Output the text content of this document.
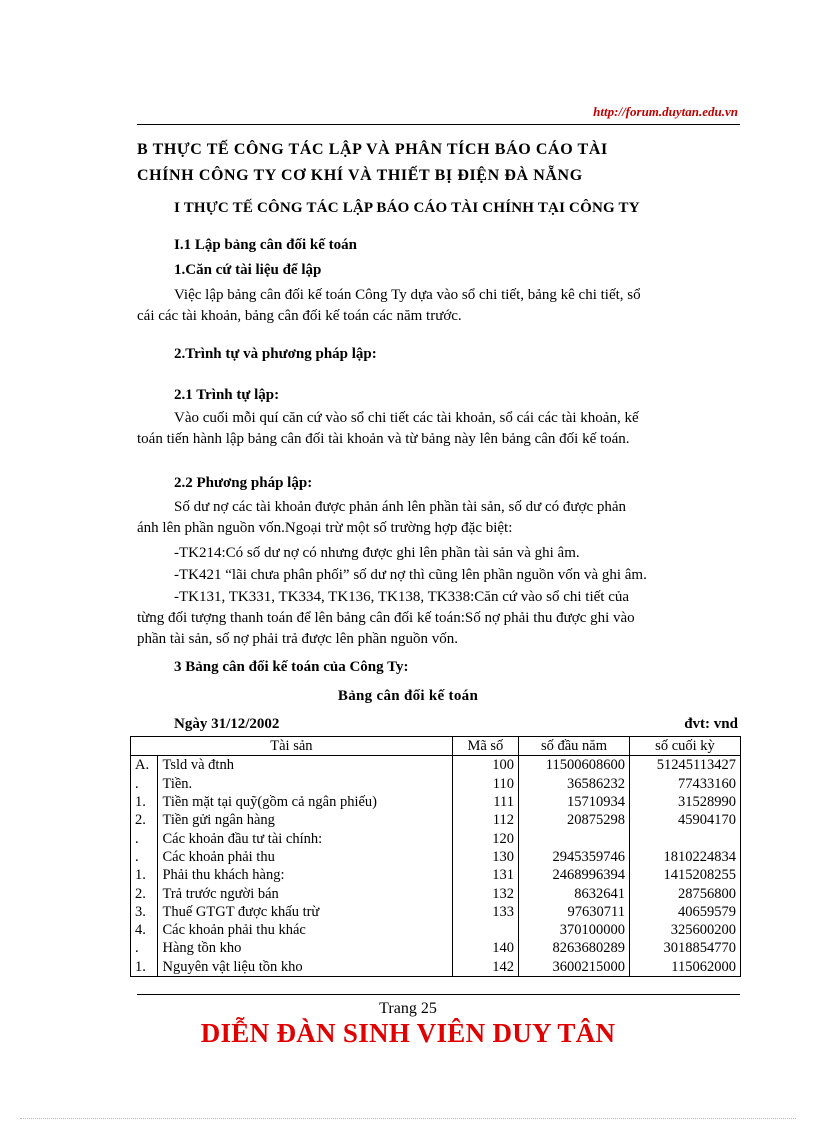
http://forum.duytan.edu.vn
B THỰC TẾ CÔNG TÁC LẬP VÀ PHÂN TÍCH BÁO CÁO TÀI
CHÍNH CÔNG TY CƠ KHÍ VÀ THIẾT BỊ ĐIỆN ĐÀ NẴNG
I THỰC TẾ CÔNG TÁC LẬP BÁO CÁO TÀI CHÍNH TẠI CÔNG TY
I.1 Lập bảng cân đối kế toán
1.Căn cứ tài liệu để lập
Việc lập bảng cân đối kế toán Công Ty dựa vào sổ chi tiết, bảng kê chi tiết, sổ
cái các tài khoản, bảng cân đối kế toán các năm trước.
2.Trình tự và phương pháp lập:
2.1 Trình tự lập:
Vào cuối mỗi quí căn cứ vào sổ chi tiết các tài khoản, sổ cái các tài khoản, kế
toán tiến hành lập bảng cân đối tài khoản và từ bảng này lên bảng cân đối kế toán.
2.2 Phương pháp lập:
Số dư nợ các tài khoản được phản ánh lên phần tài sản, số dư có được phản
ánh lên phần nguồn vốn.Ngoại trừ một số trường hợp đặc biệt:
-TK214:Có số dư nợ có nhưng được ghi lên phần tài sản và ghi âm.
-TK421 “lãi chưa phân phối” số dư nợ thì cũng lên phần nguồn vốn và ghi âm.
-TK131, TK331, TK334, TK136, TK138, TK338:Căn cứ vào sổ chi tiết của
từng đối tượng thanh toán để lên bảng cân đối kế toán:Số nợ phải thu được ghi vào
phần tài sản, số nợ phải trả được lên phần nguồn vốn.
3 Bảng cân đối kế toán của Công Ty:
Bảng cân đối kế toán
Ngày 31/12/2002	đvt: vnd
Tài sản		Mã số	số đầu năm	số cuối kỳ
A.	Tsld và đtnh	100	11500608600	51245113427
.	Tiền.	110	36586232	77433160
1.	Tiền mặt tại quỹ(gồm cả ngân phiếu)	111	15710934	31528990
2.	Tiền gửi ngân hàng	112	20875298	45904170
.	Các khoản đầu tư tài chính:	120		
.	Các khoản phải thu	130	2945359746	1810224834
1.	Phải thu khách hàng:	131	2468996394	1415208255
2.	Trả trước người bán	132	8632641	28756800
3.	Thuế GTGT được khấu trừ	133	97630711	40659579
4.	Các khoản phải thu khác		370100000	325600200
.	Hàng tồn kho	140	8263680289	3018854770
1.	Nguyên vật liệu tồn kho	142	3600215000	115062000
Trang 25
DIỄN ĐÀN SINH VIÊN DUY TÂN
